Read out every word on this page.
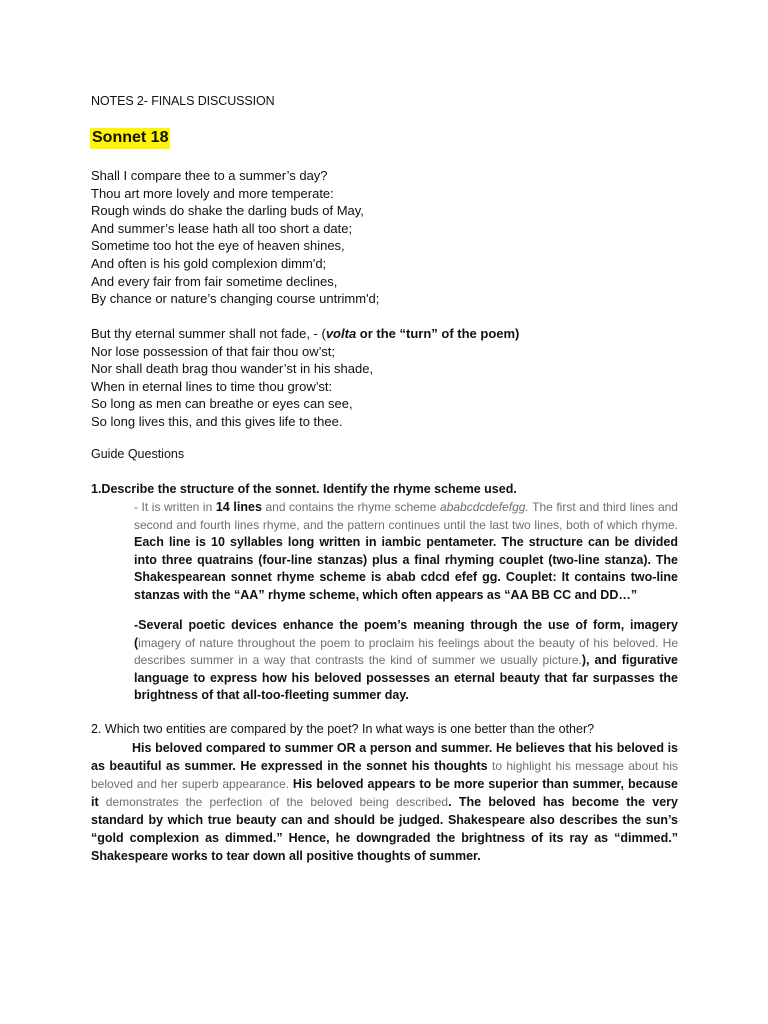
NOTES 2- FINALS DISCUSSION
Sonnet 18
Shall I compare thee to a summer’s day?
Thou art more lovely and more temperate:
Rough winds do shake the darling buds of May,
And summer’s lease hath all too short a date;
Sometime too hot the eye of heaven shines,
And often is his gold complexion dimm'd;
And every fair from fair sometime declines,
By chance or nature’s changing course untrimm'd;
But thy eternal summer shall not fade, - (volta or the “turn” of the poem)
Nor lose possession of that fair thou ow’st;
Nor shall death brag thou wander’st in his shade,
When in eternal lines to time thou grow’st:
So long as men can breathe or eyes can see,
So long lives this, and this gives life to thee.
Guide Questions
1.Describe the structure of the sonnet. Identify the rhyme scheme used.
- It is written in 14 lines and contains the rhyme scheme ababcdcdefefgg. The first and third lines and second and fourth lines rhyme, and the pattern continues until the last two lines, both of which rhyme. Each line is 10 syllables long written in iambic pentameter. The structure can be divided into three quatrains (four-line stanzas) plus a final rhyming couplet (two-line stanza). The Shakespearean sonnet rhyme scheme is abab cdcd efef gg. Couplet: It contains two-line stanzas with the “AA” rhyme scheme, which often appears as “AA BB CC and DD…”
-Several poetic devices enhance the poem’s meaning through the use of form, imagery (imagery of nature throughout the poem to proclaim his feelings about the beauty of his beloved. He describes summer in a way that contrasts the kind of summer we usually picture.), and figurative language to express how his beloved possesses an eternal beauty that far surpasses the brightness of that all-too-fleeting summer day.
2. Which two entities are compared by the poet? In what ways is one better than the other?
His beloved compared to summer OR a person and summer. He believes that his beloved is as beautiful as summer. He expressed in the sonnet his thoughts to highlight his message about his beloved and her superb appearance. His beloved appears to be more superior than summer, because it demonstrates the perfection of the beloved being described. The beloved has become the very standard by which true beauty can and should be judged. Shakespeare also describes the sun’s “gold complexion as dimmed.” Hence, he downgraded the brightness of its ray as “dimmed.” Shakespeare works to tear down all positive thoughts of summer.
